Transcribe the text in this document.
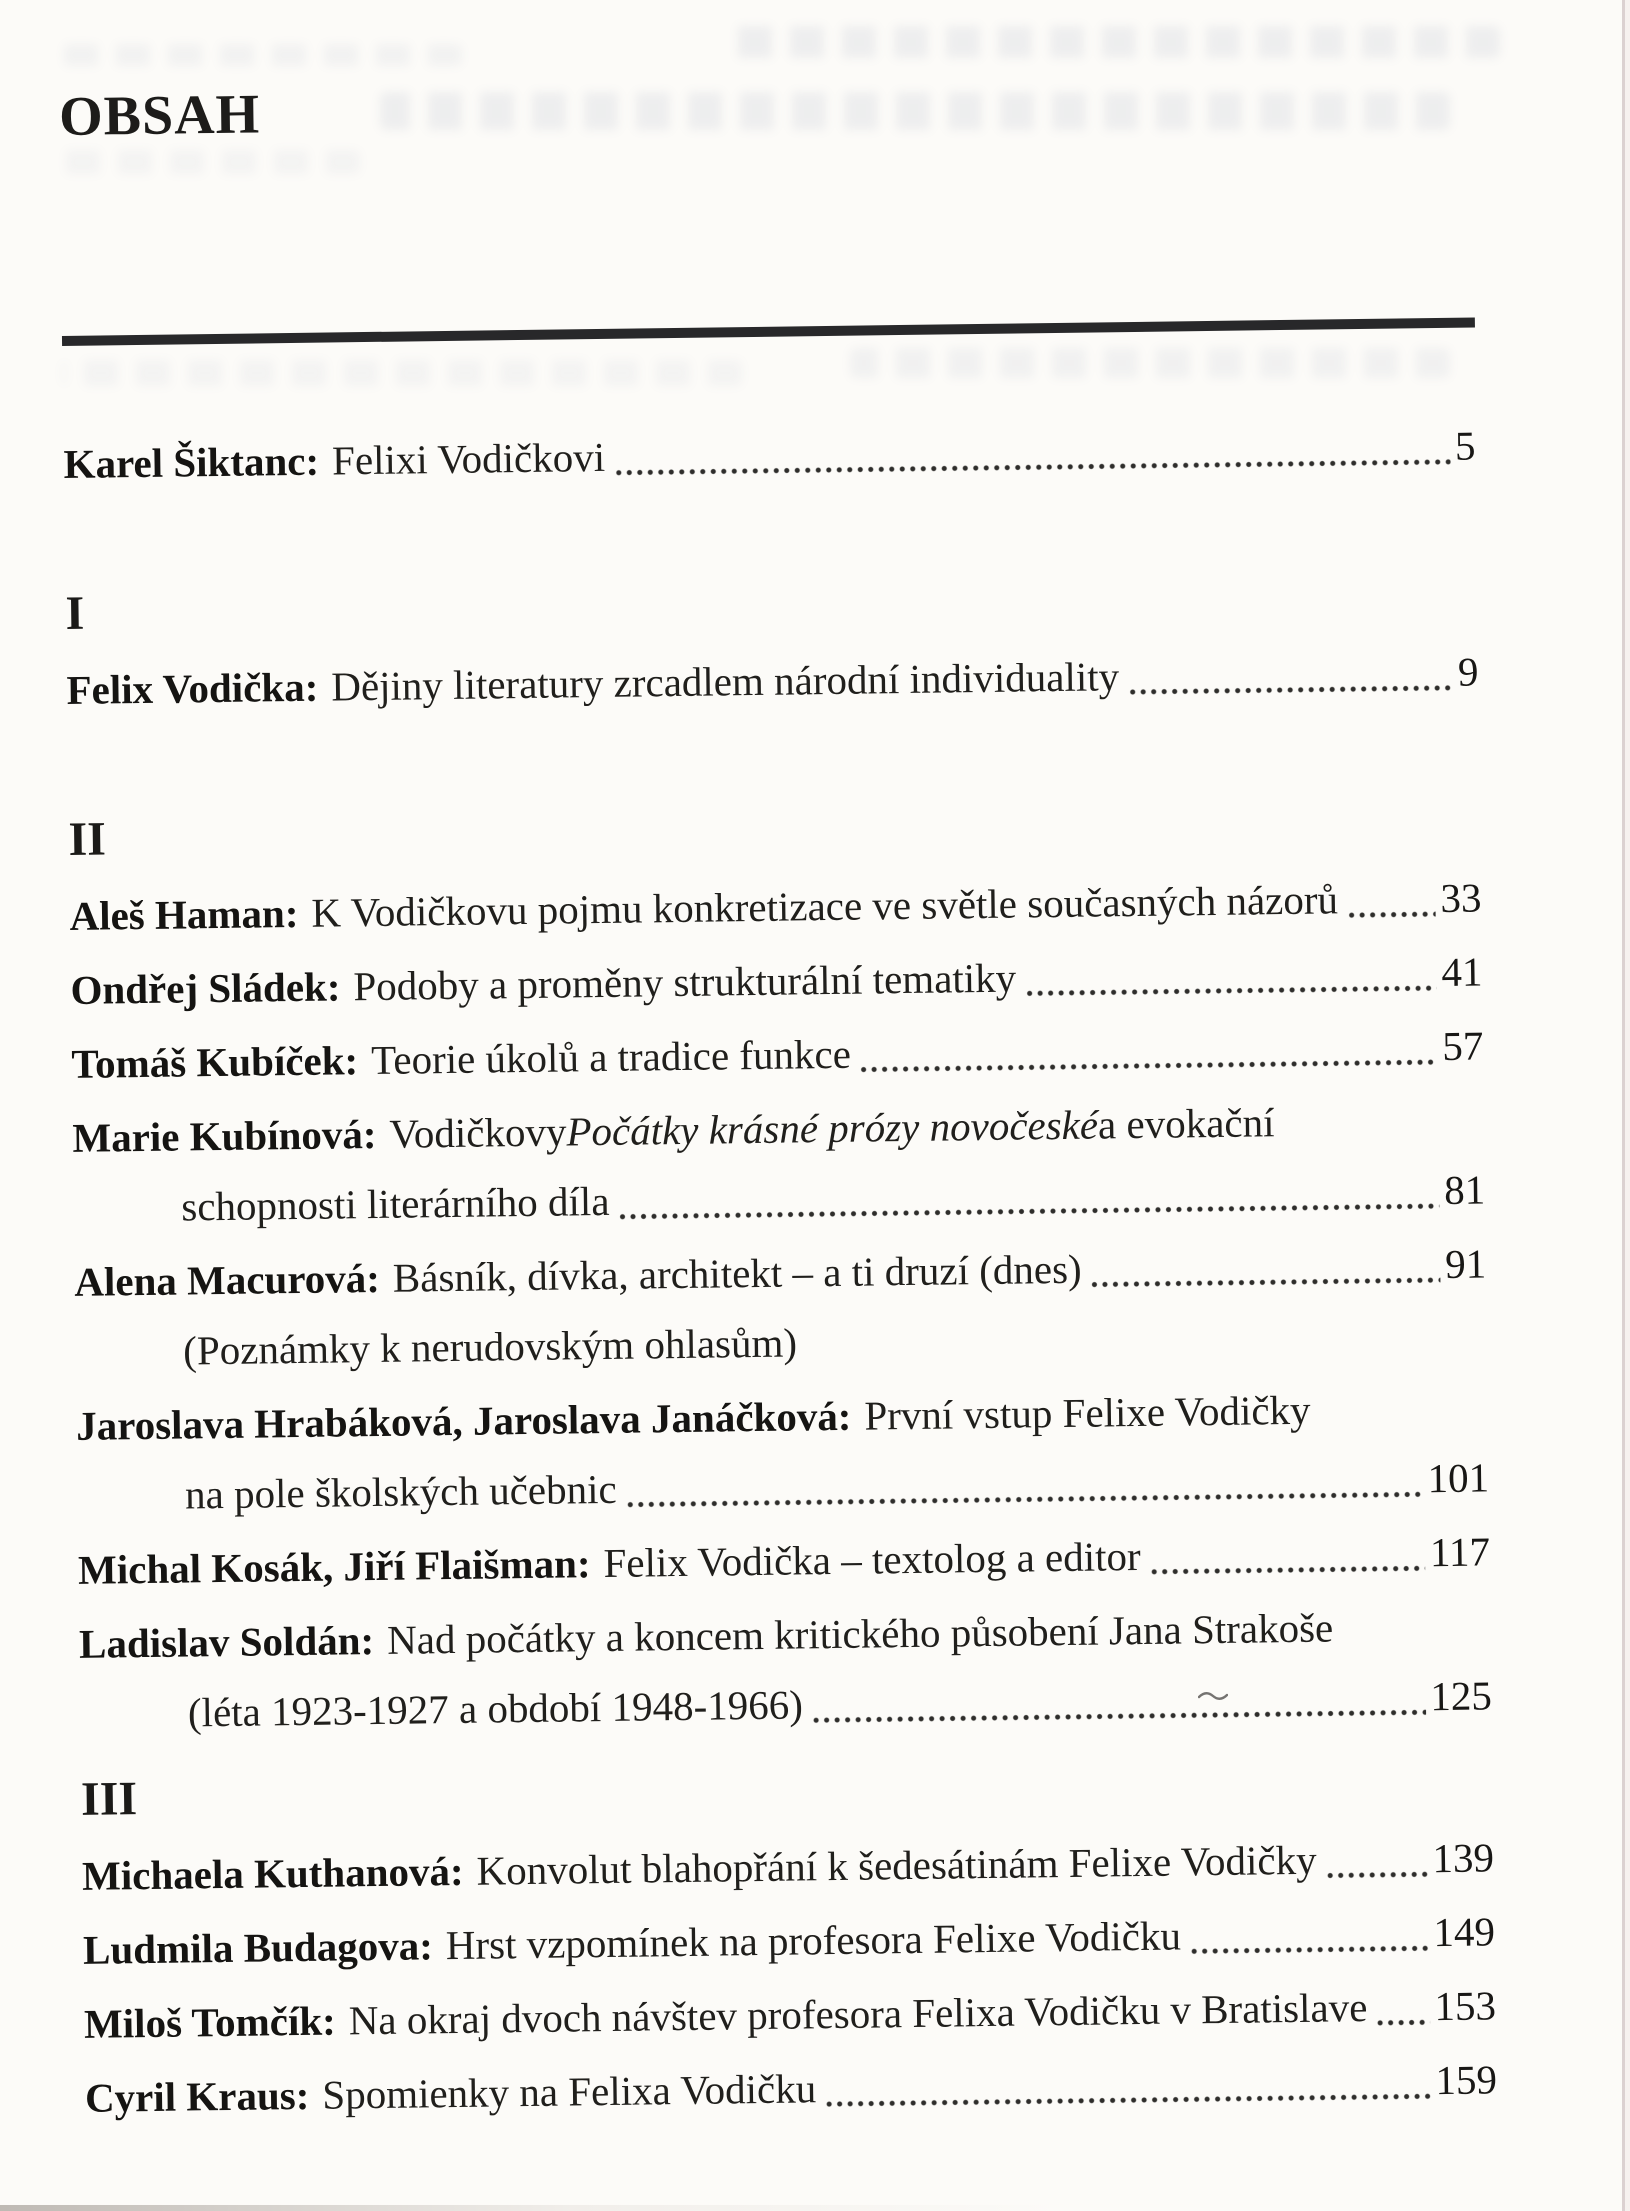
OBSAH
Karel Šiktanc: Felixi Vodičkovi	5
I
Felix Vodička: Dějiny literatury zrcadlem národní individuality	9
II
Aleš Haman: K Vodičkovu pojmu konkretizace ve světle současných názorů 33
Ondřej Sládek: Podoby a proměny strukturální tematiky	41
Tomáš Kubíček: Teorie úkolů a tradice funkce	57
Marie Kubínová: Vodičkovy Počátky krásné prózy novočeské a evokační
schopnosti literárního díla	81
Alena Macurová: Básník, dívka, architekt – a ti druzí (dnes)	91
(Poznámky k nerudovským ohlasům)
Jaroslava Hrabáková, Jaroslava Janáčková: První vstup Felixe Vodičky
na pole školských učebnic	101
Michal Kosák, Jiří Flaišman: Felix Vodička – textolog a editor	117
Ladislav Soldán: Nad počátky a koncem kritického působení Jana Strakoše
(léta 1923-1927 a období 1948-1966)	125
III
Michaela Kuthanová: Konvolut blahopřání k šedesátinám Felixe Vodičky	139
Ludmila Budagova: Hrst vzpomínek na profesora Felixe Vodičku	149
Miloš Tomčík: Na okraj dvoch návštev profesora Felixa Vodičku v Bratislave 153
Cyril Kraus: Spomienky na Felixa Vodičku	159
